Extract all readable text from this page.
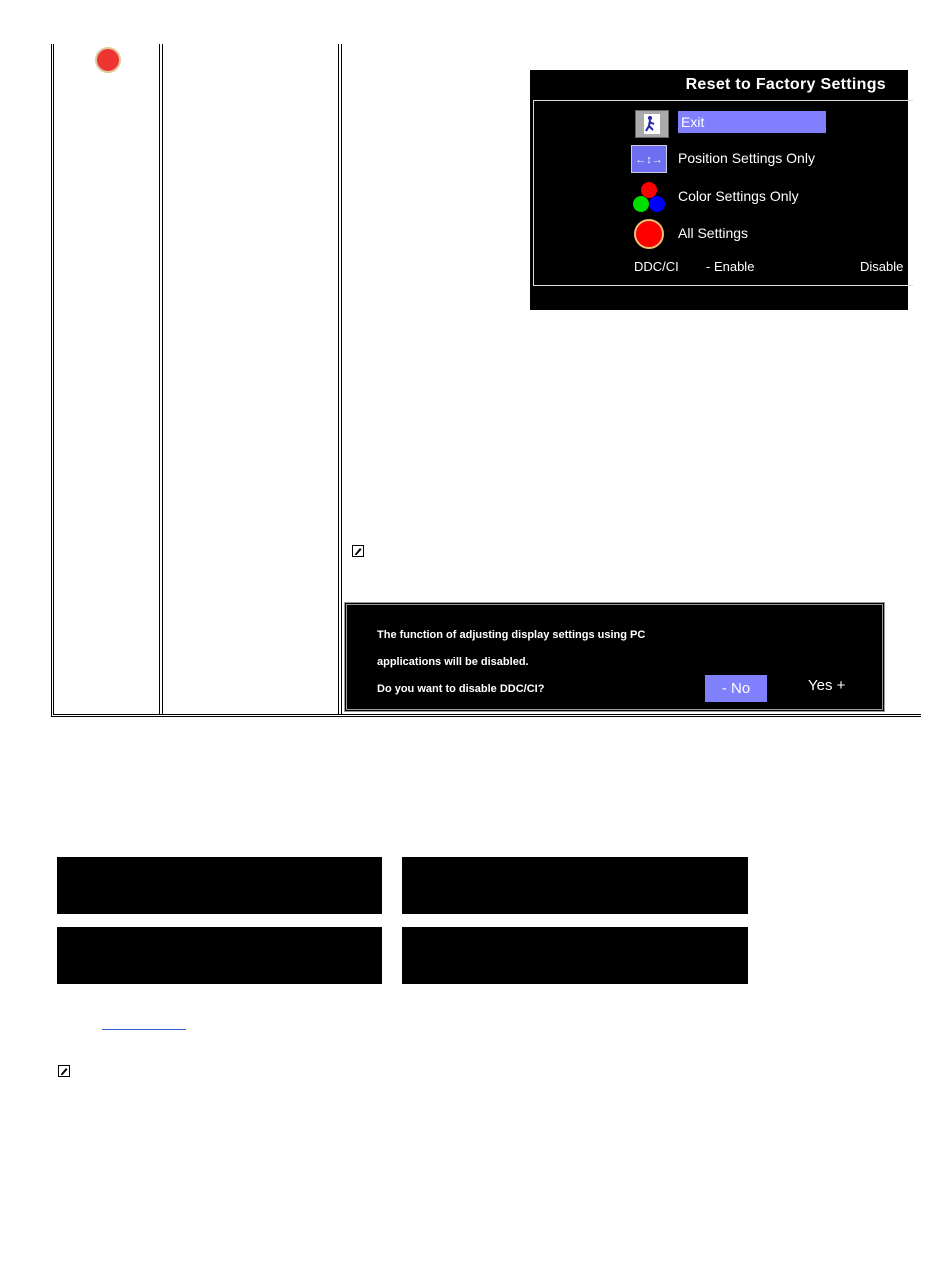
Reset to Factory Settings
Exit
←↕→	Position Settings Only
Color Settings Only
All Settings
DDC/CI - Enable	Disable
The function of adjusting display settings using PC
applications will be disabled.
Do you want to disable DDC/CI?	- No	Yes +
